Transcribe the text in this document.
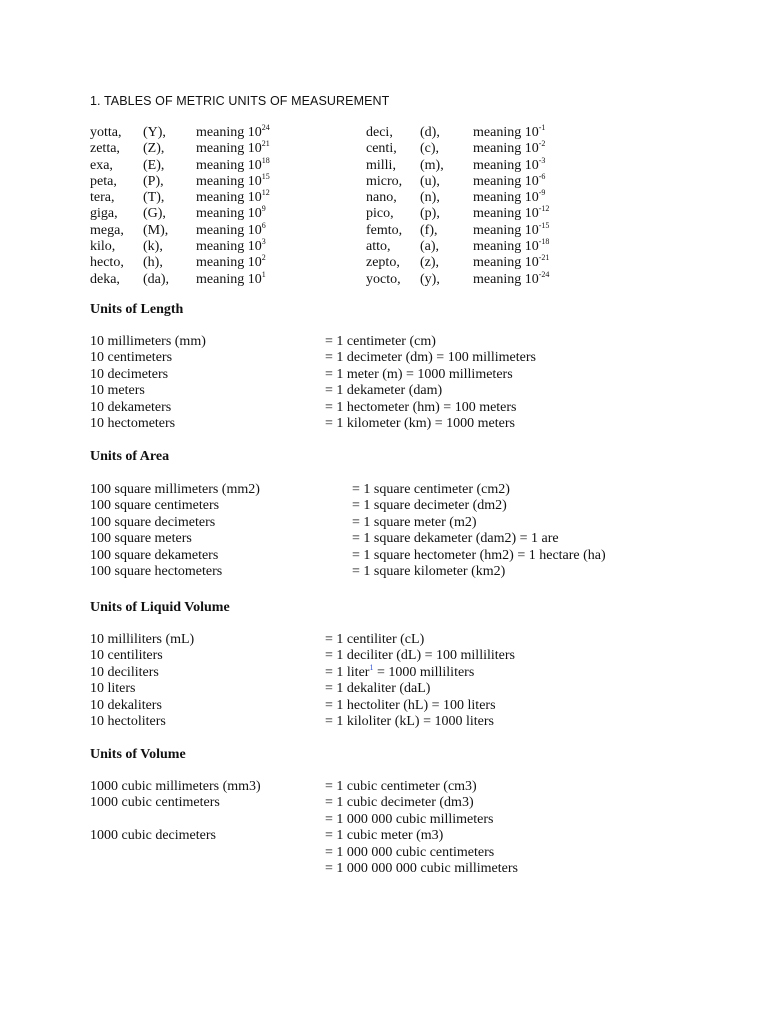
1. TABLES OF METRIC UNITS OF MEASUREMENT
yotta, (Y), meaning $10^{24}$
zetta, (Z), meaning $10^{21}$
exa, (E), meaning $10^{18}$
peta, (P), meaning $10^{15}$
tera, (T), meaning $10^{12}$
giga, (G), meaning $10^9$
mega, (M), meaning $10^6$
kilo, (k), meaning $10^3$
hecto, (h), meaning $10^2$
deka, (da), meaning $10^1$
deci, (d), meaning $10^{-1}$
centi, (c), meaning $10^{-2}$
milli, (m), meaning $10^{-3}$
micro, (u), meaning $10^{-6}$
nano, (n), meaning $10^{-9}$
pico, (p), meaning $10^{-12}$
femto, (f),	meaning $10^{-15}$
atto, (a), meaning $10^{-18}$
zepto, (z), meaning $10^{-21}$
yocto, (y), meaning $10^{-24}$
Units of Length
10 millimeters (mm)	= 1 centimeter (cm)
10 centimeters	= 1 decimeter (dm) = 100 millimeters
10 decimeters	= 1 meter (m) = 1000 millimeters
10 meters	= 1 dekameter (dam)
10 dekameters	= 1 hectometer (hm) = 100 meters
10 hectometers	= 1 kilometer (km) = 1000 meters
Units of Area
100 square millimeters (mm2)	= 1 square centimeter (cm2)
100 square centimeters	= 1 square decimeter (dm2)
100 square decimeters	= 1 square meter (m2)
100 square meters	= 1 square dekameter (dam2) = 1 are
100 square dekameters	= 1 square hectometer (hm2) = 1 hectare (ha)
100 square hectometers	= 1 square kilometer (km2)
Units of Liquid Volume
10 milliliters (mL)	= 1 centiliter (cL)
10 centiliters	= 1 deciliter (dL) = 100 milliliters
10 deciliters	= 1 liter$^1$ = 1000 milliliters
10 liters	= 1 dekaliter (daL)
10 dekaliters	= 1 hectoliter (hL) = 100 liters
10 hectoliters	= 1 kiloliter (kL) = 1000 liters
Units of Volume
1000 cubic millimeters (mm3)	= 1 cubic centimeter (cm3)
1000 cubic centimeters	= 1 cubic decimeter (dm3)
= 1 000 000 cubic millimeters
1000 cubic decimeters	= 1 cubic meter (m3)
= 1 000 000 cubic centimeters
= 1 000 000 000 cubic millimeters
